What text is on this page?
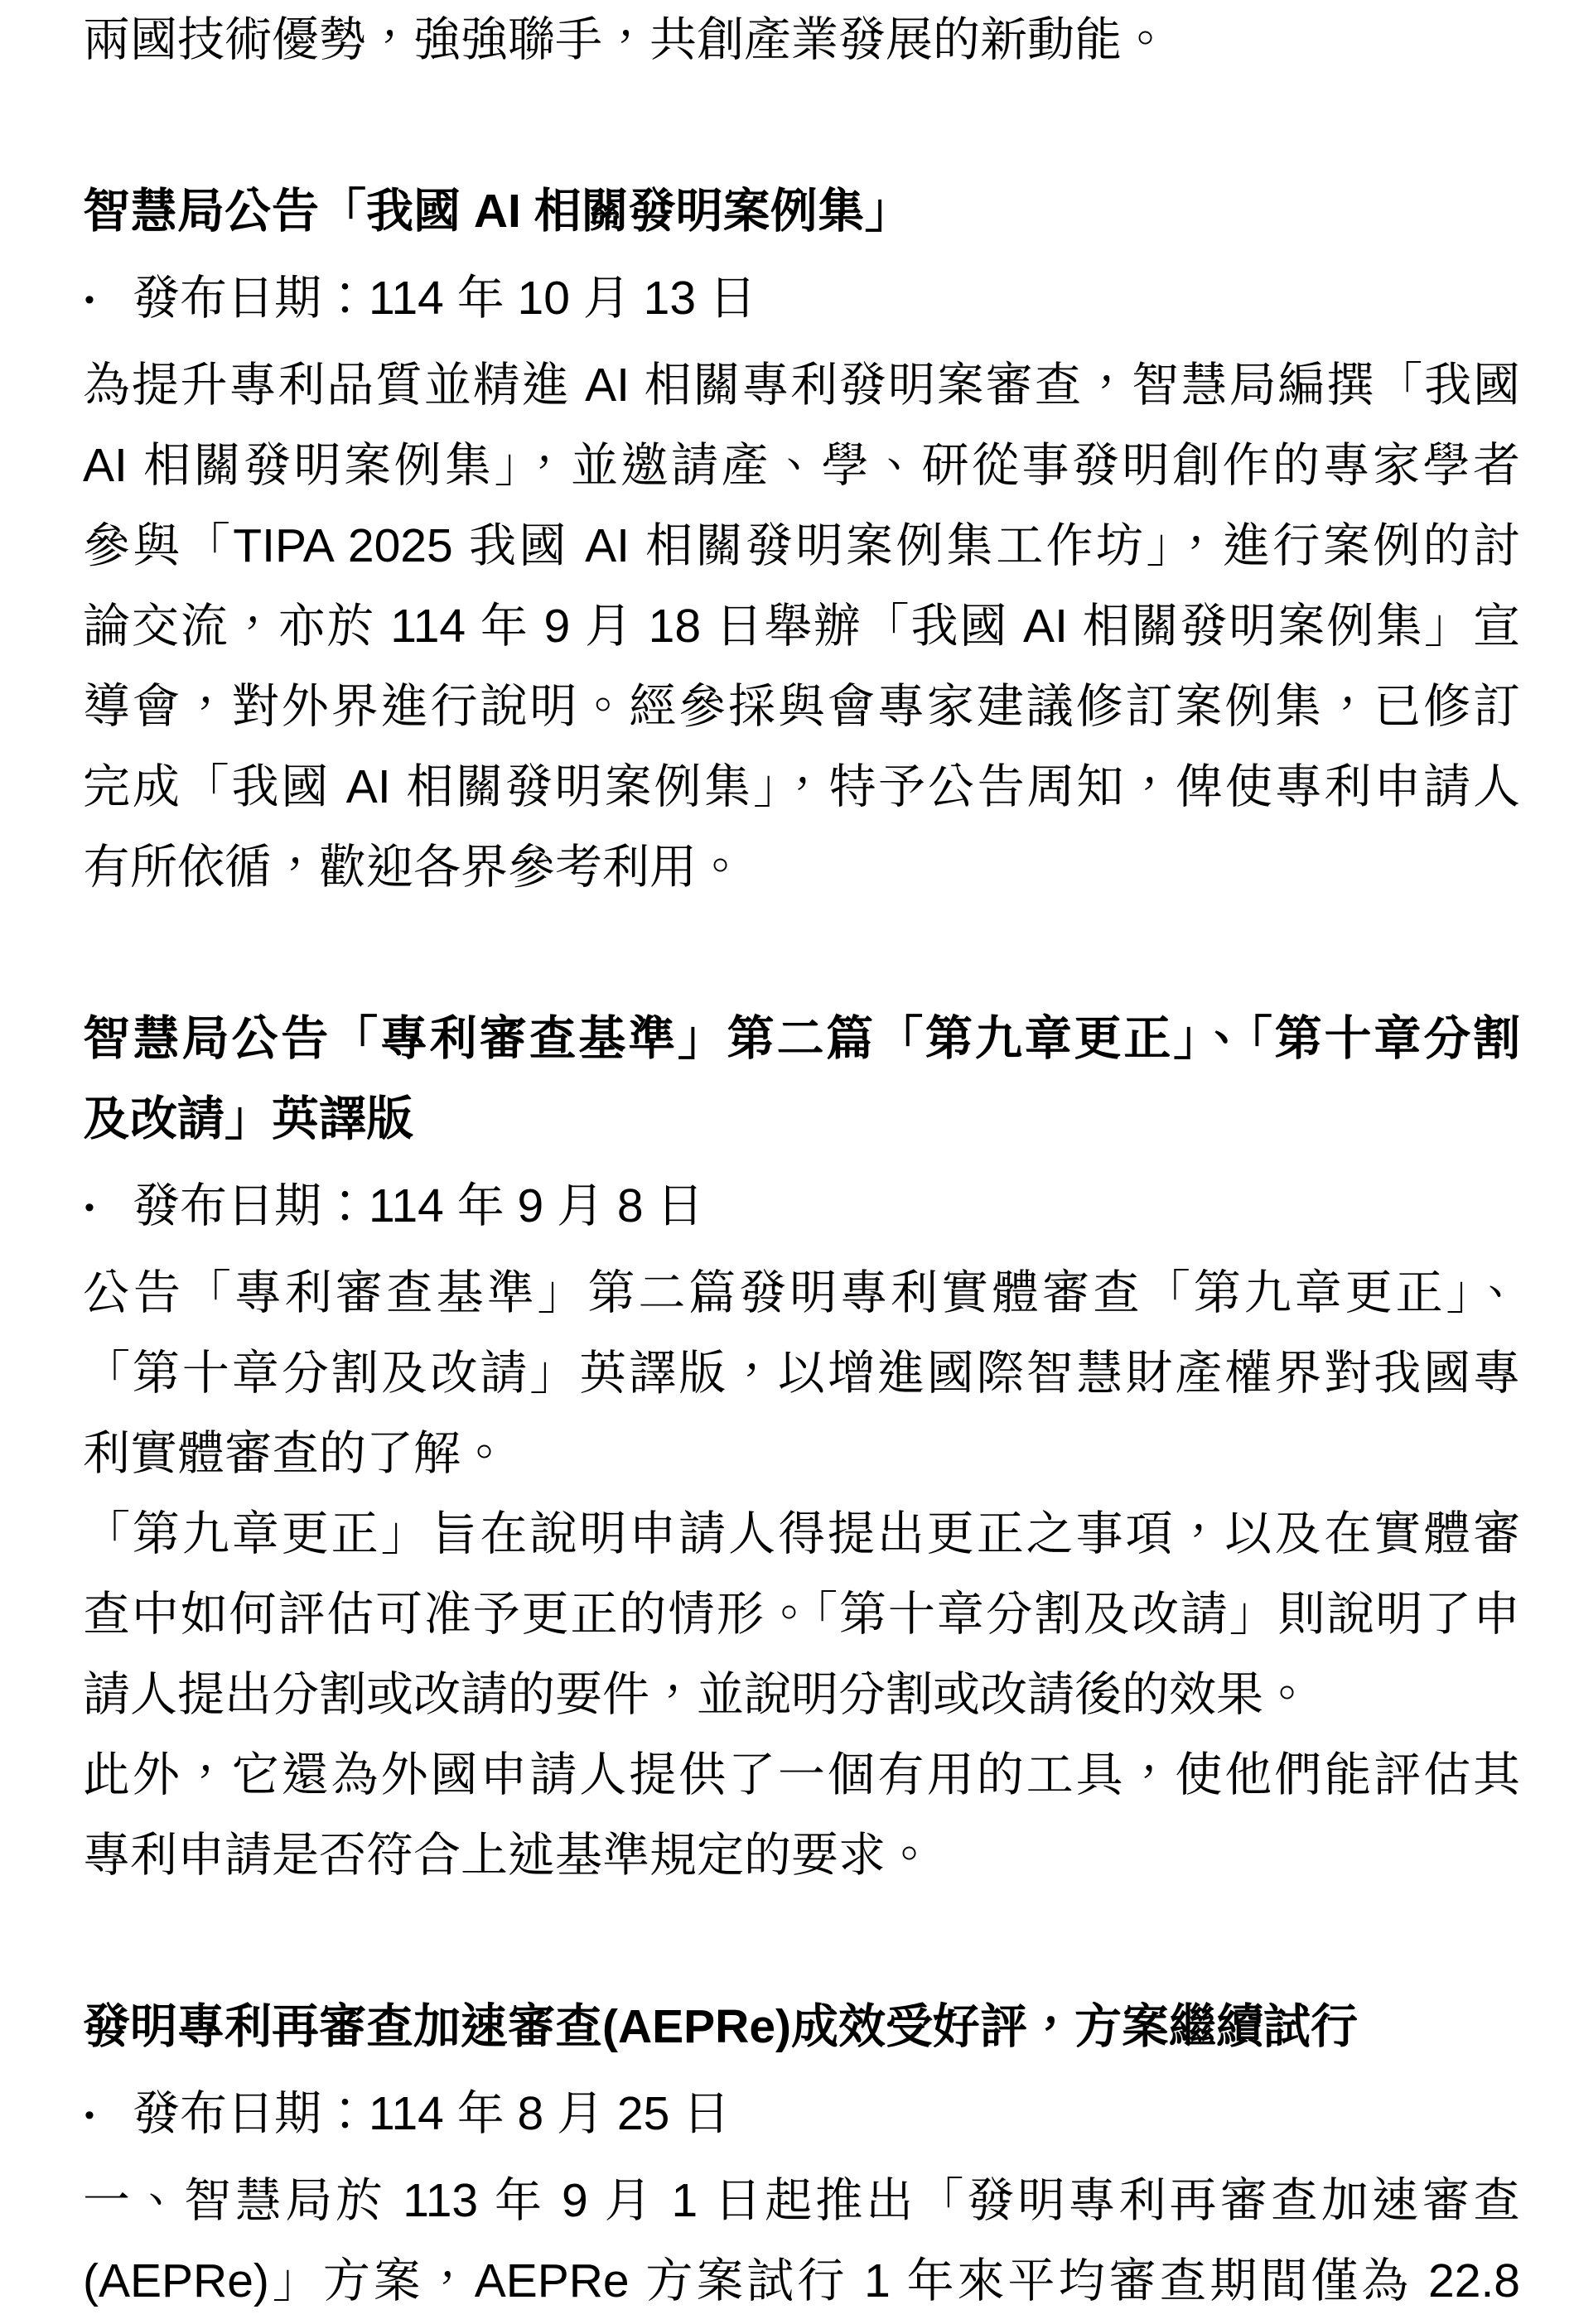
兩國技術優勢，強強聯手，共創產業發展的新動能。
智慧局公告「我國 AI 相關發明案例集」
• 發布日期：114 年 10 月 13 日
為提升專利品質並精進 AI 相關專利發明案審查，智慧局編撰「我國
AI 相關發明案例集」，並邀請產、學、研從事發明創作的專家學者
參與「TIPA 2025 我國 AI 相關發明案例集工作坊」，進行案例的討
論交流，亦於 114 年 9 月 18 日舉辦「我國 AI 相關發明案例集」宣
導會，對外界進行說明。經參採與會專家建議修訂案例集，已修訂
完成「我國 AI 相關發明案例集」，特予公告周知，俾使專利申請人
有所依循，歡迎各界參考利用。
智慧局公告「專利審查基準」第二篇「第九章更正」、「第十章分割
及改請」英譯版
• 發布日期：114 年 9 月 8 日
公告「專利審查基準」第二篇發明專利實體審查「第九章更正」、
「第十章分割及改請」英譯版，以增進國際智慧財產權界對我國專
利實體審查的了解。
「第九章更正」旨在說明申請人得提出更正之事項，以及在實體審
查中如何評估可准予更正的情形。「第十章分割及改請」則說明了申
請人提出分割或改請的要件，並說明分割或改請後的效果。
此外，它還為外國申請人提供了一個有用的工具，使他們能評估其
專利申請是否符合上述基準規定的要求。
發明專利再審查加速審查(AEPRe)成效受好評，方案繼續試行
• 發布日期：114 年 8 月 25 日
一、智慧局於 113 年 9 月 1 日起推出「發明專利再審查加速審查
(AEPRe)」方案，AEPRe 方案試行 1 年來平均審查期間僅為 22.8
